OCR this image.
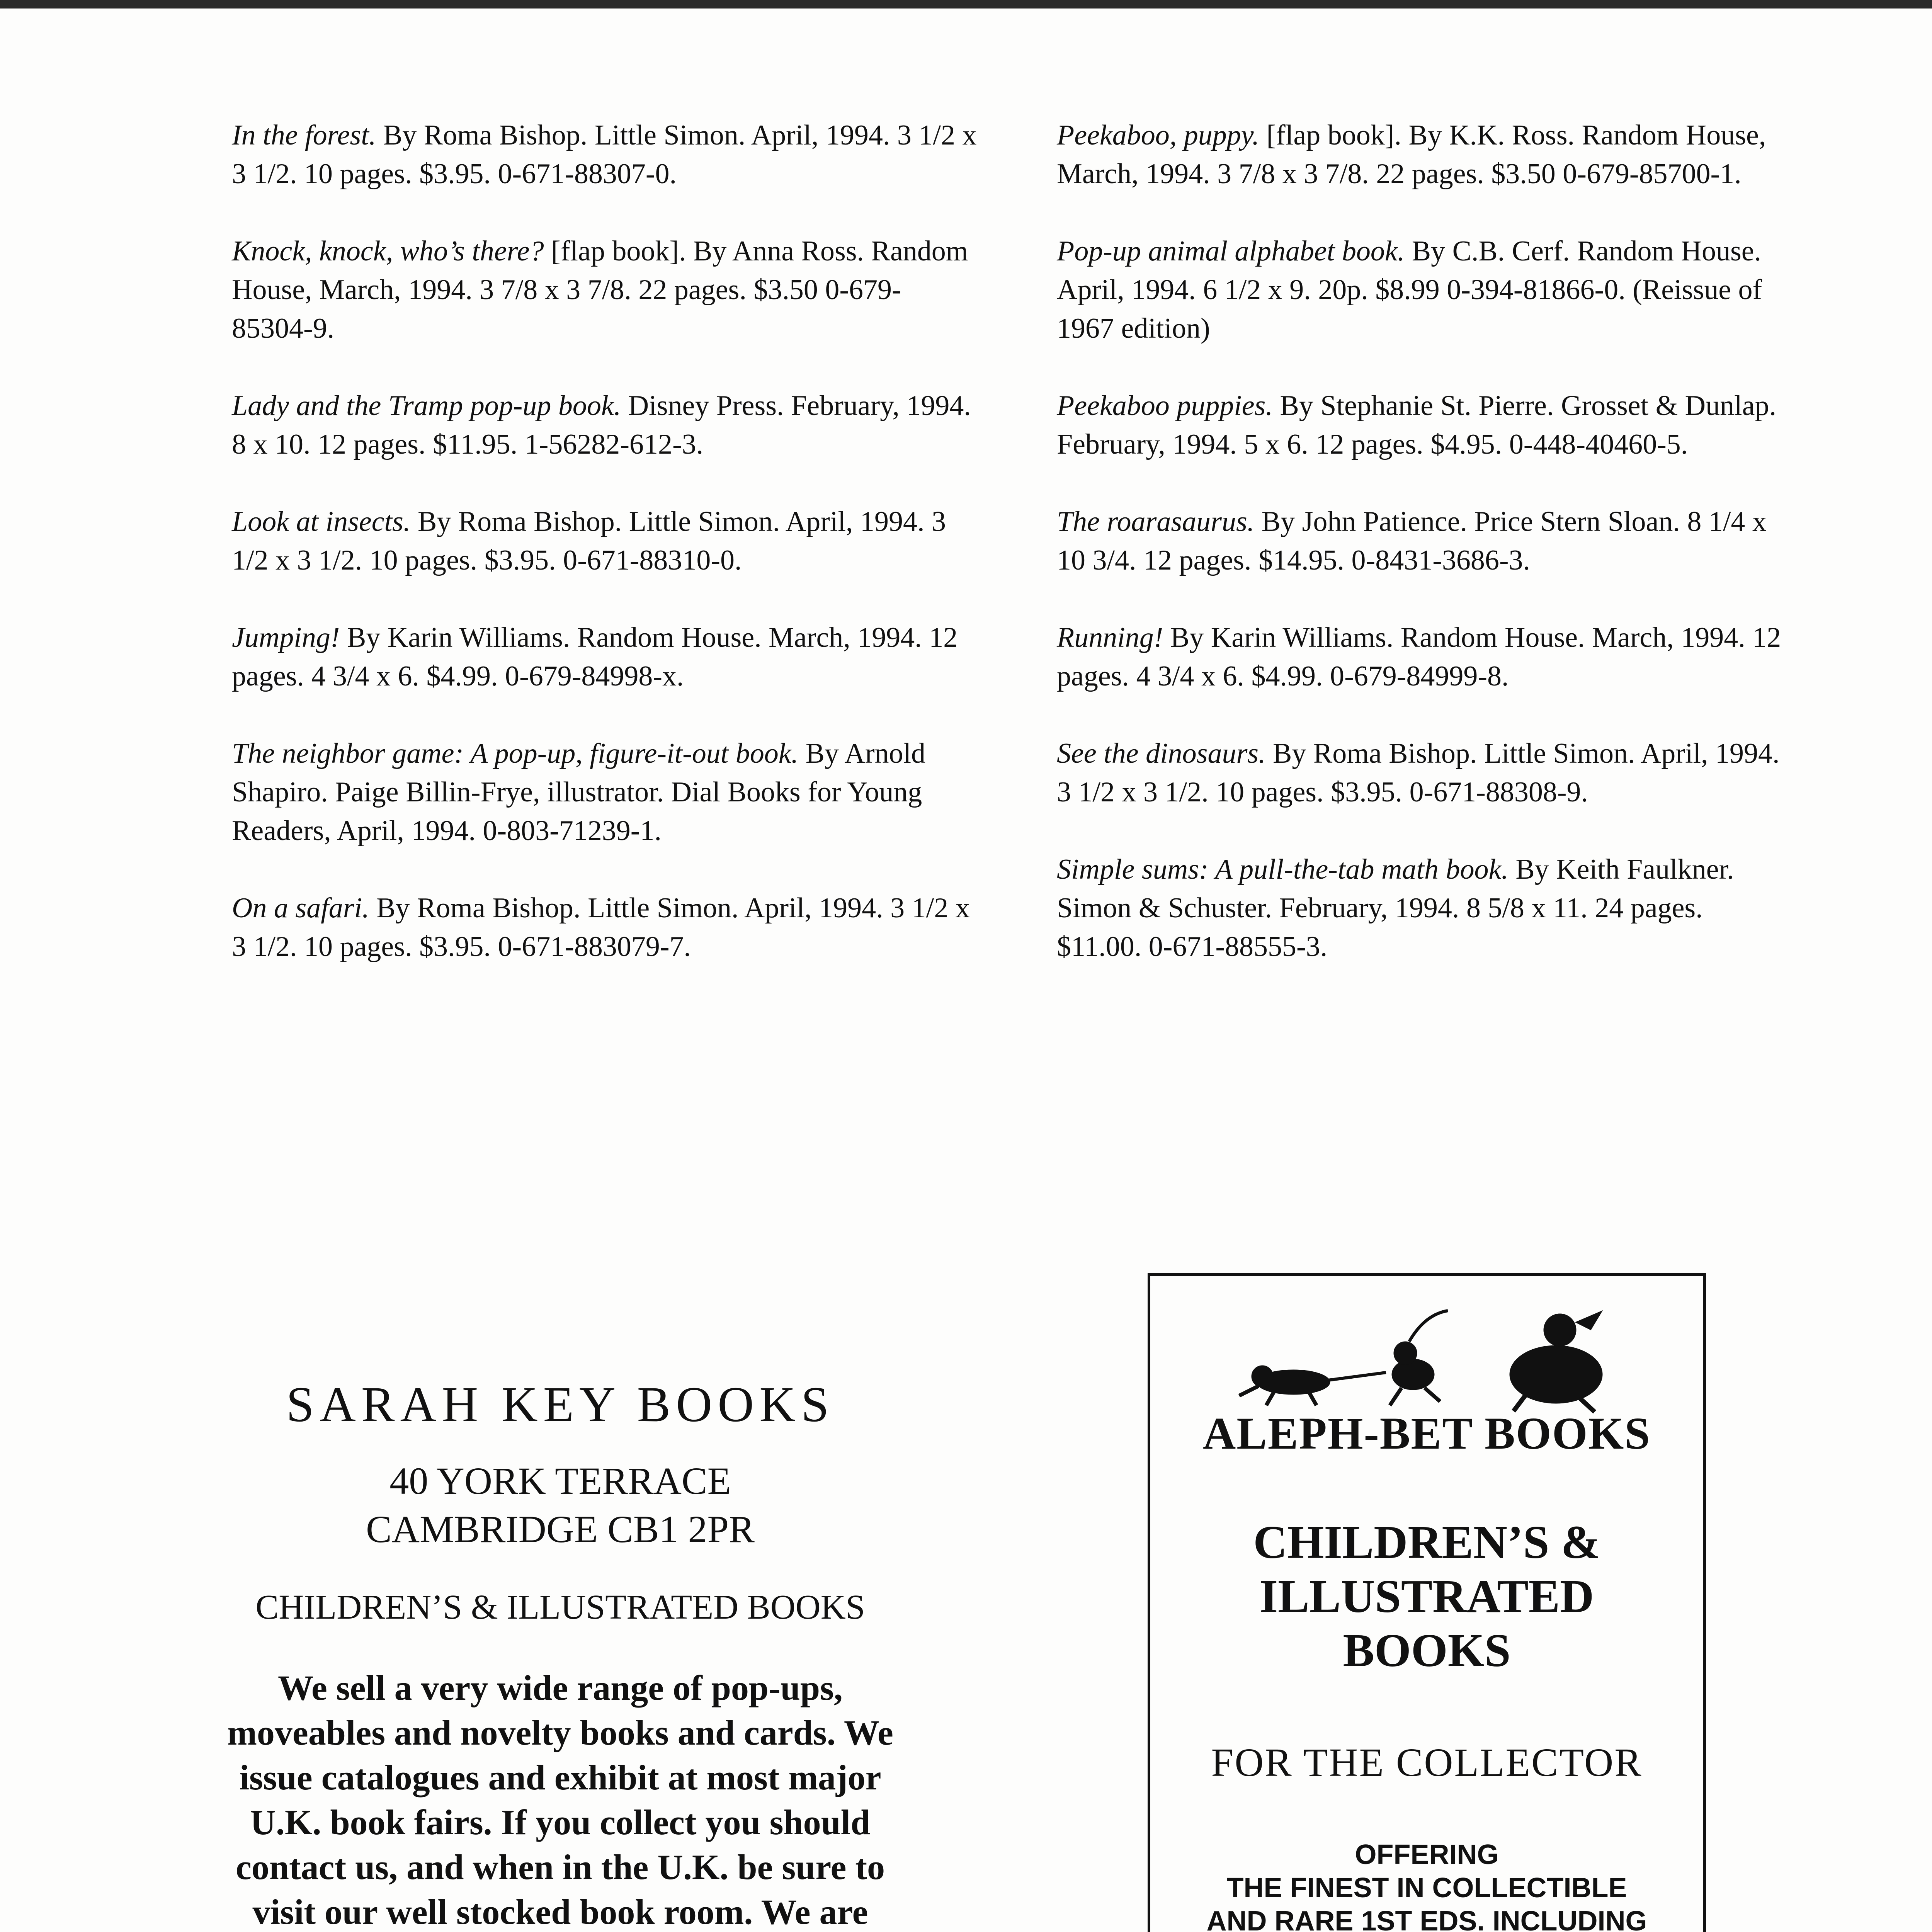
In the forest. By Roma Bishop. Little Simon. April, 1994. 3 1/2 x 3 1/2. 10 pages. $3.95. 0-671-88307-0.

Knock, knock, who’s there? [flap book]. By Anna Ross. Random House, March, 1994. 3 7/8 x 3 7/8. 22 pages. $3.50 0-679-85304-9.

Lady and the Tramp pop-up book. Disney Press. February, 1994. 8 x 10. 12 pages. $11.95. 1-56282-612-3.

Look at insects. By Roma Bishop. Little Simon. April, 1994. 3 1/2 x 3 1/2. 10 pages. $3.95. 0-671-88310-0.

Jumping! By Karin Williams. Random House. March, 1994. 12 pages. 4 3/4 x 6. $4.99. 0-679-84998-x.

The neighbor game: A pop-up, figure-it-out book. By Arnold Shapiro. Paige Billin-Frye, illustrator. Dial Books for Young Readers, April, 1994. 0-803-71239-1.

On a safari. By Roma Bishop. Little Simon. April, 1994. 3 1/2 x 3 1/2. 10 pages. $3.95. 0-671-883079-7.

Peekaboo, puppy. [flap book]. By K.K. Ross. Random House, March, 1994. 3 7/8 x 3 7/8. 22 pages. $3.50 0-679-85700-1.

Pop-up animal alphabet book. By C.B. Cerf. Random House. April, 1994. 6 1/2 x 9. 20p. $8.99 0-394-81866-0. (Reissue of 1967 edition)

Peekaboo puppies. By Stephanie St. Pierre. Grosset & Dunlap. February, 1994. 5 x 6. 12 pages. $4.95. 0-448-40460-5.

The roarasaurus. By John Patience. Price Stern Sloan. 8 1/4 x 10 3/4. 12 pages. $14.95. 0-8431-3686-3.

Running! By Karin Williams. Random House. March, 1994. 12 pages. 4 3/4 x 6. $4.99. 0-679-84999-8.

See the dinosaurs. By Roma Bishop. Little Simon. April, 1994. 3 1/2 x 3 1/2. 10 pages. $3.95. 0-671-88308-9.

Simple sums: A pull-the-tab math book. By Keith Faulkner. Simon & Schuster. February, 1994. 8 5/8 x 11. 24 pages. $11.00. 0-671-88555-3.

SARAH KEY BOOKS
40 YORK TERRACE
CAMBRIDGE CB1 2PR
CHILDREN’S & ILLUSTRATED BOOKS
We sell a very wide range of pop-ups, moveables and novelty books and cards. We issue catalogues and exhibit at most major U.K. book fairs. If you collect you should contact us, and when in the U.K. be sure to visit our well stocked book room. We are
ALEPH-BET BOOKS
CHILDREN’S &
ILLUSTRATED
BOOKS
FOR THE COLLECTOR
OFFERING
THE FINEST IN COLLECTIBLE
AND RARE 1ST EDS. INCLUDING
